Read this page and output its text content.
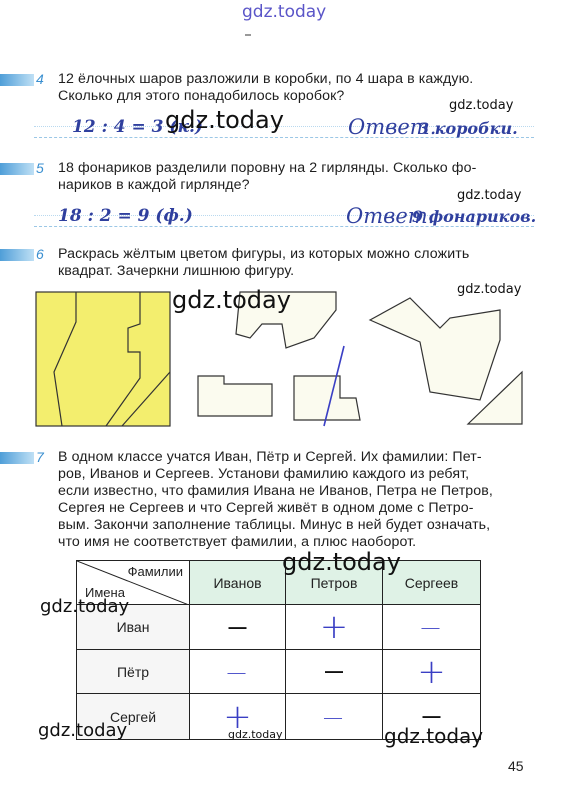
gdz.today
4 12 ёлочных шаров разложили в коробки, по 4 шара в каждую.
Сколько для этого понадобилось коробок?
gdz.today
12 : 4 = 3 (к.)
gdz.today	Ответ.
3 коробки.
5 18 фонариков разделили поровну на 2 гирлянды. Сколько фо-
нариков в каждой гирлянде?
gdz.today
18 : 2 = 9 (ф.)	Ответ.
9 фонариков.
6 Раскрась жёлтым цветом фигуры, из которых можно сложить
квадрат. Зачеркни лишнюю фигуру.
gdz.today
gdz.today
7 В одном классе учатся Иван, Пётр и Сергей. Их фамилии: Пет-
ров, Иванов и Сергеев. Установи фамилию каждого из ребят,
если известно, что фамилия Ивана не Иванов, Петра не Петров,
Сергея не Сергеев и что Сергей живёт в одном доме с Петро-
вым. Закончи заполнение таблицы. Минус в ней будет означать,
что имя не соответствует фамилии, а плюс наоборот.
Фамилии
Имена	Иванов	Петров	Сергеев
Иван	—	+	—
Пётр	—	—	+
Сергей	+	—	—
gdz.today
gdz.today
gdz.today	gdz.today	gdz.today
45
